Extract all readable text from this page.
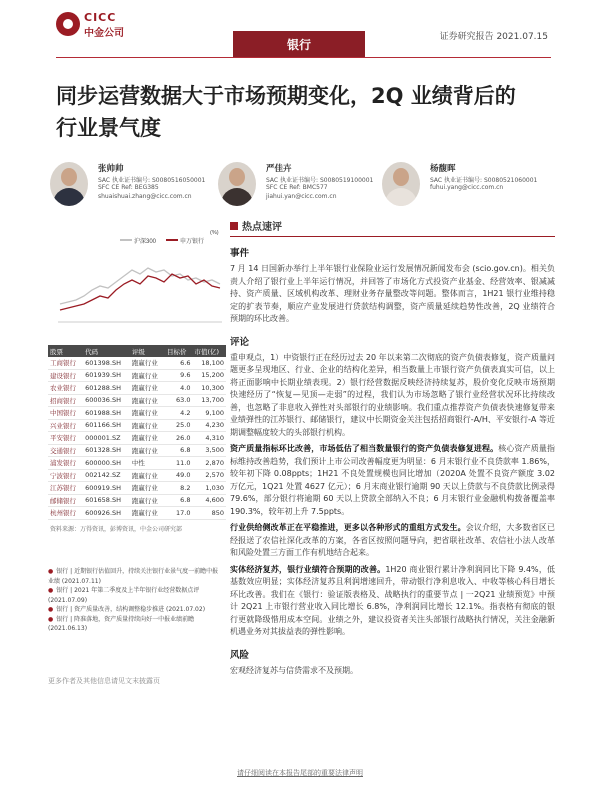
CICC
中金公司
银行
证券研究报告 2021.07.15
同步运营数据大于市场预期变化，2Q 业绩背后的行业景气度
张帅帅
SAC 执业证书编号: S0080516050001
SFC CE Ref: BEG385
shuaishuai.zhang@cicc.com.cn
严佳卉
SAC 执业证书编号: S0080519100001
SFC CE Ref: BMC577
jiahui.yan@cicc.com.cn
杨馥晖
SAC 执业证书编号: S0080521060001
fuhui.yang@cicc.com.cn
沪深300	申万银行
(%)
股票	代码	评级	目标价	市值(亿)
工商银行	601398.SH	跑赢行业	6.6	18,100
建设银行	601939.SH	跑赢行业	9.6	15,200
农业银行	601288.SH	跑赢行业	4.0	10,300
招商银行	600036.SH	跑赢行业	63.0	13,700
中国银行	601988.SH	跑赢行业	4.2	9,100
兴业银行	601166.SH	跑赢行业	25.0	4,230
平安银行	000001.SZ	跑赢行业	26.0	4,310
交通银行	601328.SH	跑赢行业	6.8	3,500
浦发银行	600000.SH	中性	11.0	2,870
宁波银行	002142.SZ	跑赢行业	49.0	2,570
江苏银行	600919.SH	跑赢行业	8.2	1,030
邮储银行	601658.SH	跑赢行业	6.8	4,600
杭州银行	600926.SH	跑赢行业	17.0	850
资料来源：万得资讯，彭博资讯，中金公司研究部
● 银行 | 近期银行估值回升，持续关注银行业景气度一前瞻中报业绩 (2021.07.11)
● 银行 | 2021 年第二季度及上半年银行业经营数据点评 (2021.07.09)
● 银行 | 资产质量改善，结构调整稳步推进 (2021.07.02)
● 银行 | 降准落地，资产质量持续向好一中报业绩前瞻 (2021.06.13)
更多作者及其他信息请见文末披露页
热点速评
事件
7 月 14 日国新办举行上半年银行业保险业运行发展情况新闻发布会 (scio.gov.cn)。相关负责人介绍了银行业上半年运行情况，并回答了市场化方式投资产业基金、经营效率、银减减持、资产质量、区域机构改革、理财业务存量整改等问题。整体而言，1H21 银行业维持稳定的扩表节奏，顺应产业发展进行贷款结构调整，资产质量延续趋势性改善，2Q 业绩符合预期的环比改善。
评论
重申观点，1）中资银行正在经历过去 20 年以来第二次彻底的资产负债表修复，资产质量问题更多呈现地区、行业、企业的结构化差异，相当数量上市银行资产负债表真实可信，以上将正面影响中长期业绩表现。2）银行经营数据反映经济持续复苏，股价变化反映市场预期快速经历了“恢复—见顶—走弱”的过程，我们认为市场忽略了银行业经营状况环比持续改善，也忽略了非息收入弹性对头部银行的业绩影响。我们重点推荐资产负债表快速修复带来业绩弹性的江苏银行、邮储银行，建议中长期资金关注包括招商银行-A/H、平安银行-A 等近期调整幅度较大的头部银行机构。
资产质量指标环比改善，市场低估了相当数量银行的资产负债表修复进程。核心资产质量指标维持改善趋势，我们预计上市公司改善幅度更为明显：6 月末银行业不良贷款率 1.86%，较年初下降 0.08ppts；1H21 不良处置规模也同比增加（2020A 处置不良资产额度 3.02 万亿元，1Q21 处置 4627 亿元）；6 月末商业银行逾期 90 天以上贷款与不良贷款比例录得 79.6%，部分银行将逾期 60 天以上贷款全部纳入不良；6 月末银行业金融机构拨备覆盖率 190.3%，较年初上升 7.5ppts。
行业供给侧改革正在平稳推进，更多以各种形式的重组方式发生。会议介绍，大多数省区已经报送了农信社深化改革的方案，各省区按照问题导向，把省联社改革、农信社小法人改革和风险处置三方面工作有机地结合起来。
实体经济复苏，银行业绩符合预期的改善。1H20 商业银行累计净利润同比下降 9.4%，低基数效应明显；实体经济复苏且利润增速回升，带动银行净利息收入、中收等核心科目增长环比改善。我们在《银行：验证版表格及、战略执行的重要节点 | 一2Q21 业绩预览》中预计 2Q21 上市银行营业收入同比增长 6.8%，净利润同比增长 12.1%。指表格有彻底的银行更就降级惜用成本空间。业绩之外，建议投资者关注头部银行战略执行情况，关注金融新机遇业务对其拔益表的弹性影响。
风险
宏观经济复苏与信贷需求不及预期。
请仔细阅读在本报告尾部的重要法律声明
